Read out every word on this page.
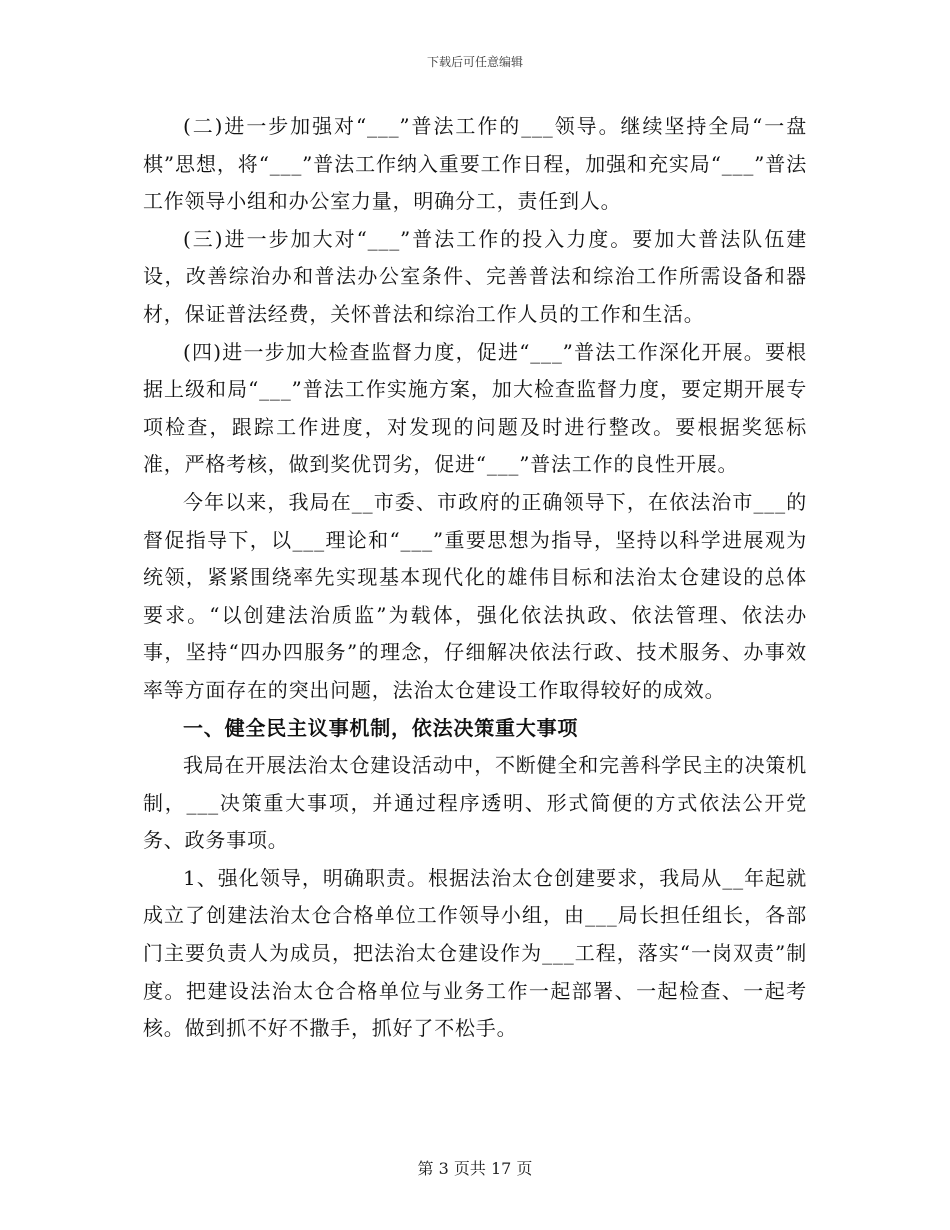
下载后可任意编辑

(二)进一步加强对“___”普法工作的___领导。继续坚持全局“一盘棋”思想，将“___”普法工作纳入重要工作日程，加强和充实局“___”普法工作领导小组和办公室力量，明确分工，责任到人。

(三)进一步加大对“___”普法工作的投入力度。要加大普法队伍建设，改善综治办和普法办公室条件、完善普法和综治工作所需设备和器材，保证普法经费，关怀普法和综治工作人员的工作和生活。

(四)进一步加大检查监督力度，促进“___”普法工作深化开展。要根据上级和局“___”普法工作实施方案，加大检查监督力度，要定期开展专项检查，跟踪工作进度，对发现的问题及时进行整改。要根据奖惩标准，严格考核，做到奖优罚劣，促进“___”普法工作的良性开展。

今年以来，我局在__市委、市政府的正确领导下，在依法治市___的督促指导下，以___理论和“___”重要思想为指导，坚持以科学进展观为统领，紧紧围绕率先实现基本现代化的雄伟目标和法治太仓建设的总体要求。“以创建法治质监”为载体，强化依法执政、依法管理、依法办事，坚持“四办四服务”的理念，仔细解决依法行政、技术服务、办事效率等方面存在的突出问题，法治太仓建设工作取得较好的成效。

一、健全民主议事机制，依法决策重大事项

我局在开展法治太仓建设活动中，不断健全和完善科学民主的决策机制，___决策重大事项，并通过程序透明、形式简便的方式依法公开党务、政务事项。

1、强化领导，明确职责。根据法治太仓创建要求，我局从__年起就成立了创建法治太仓合格单位工作领导小组，由___局长担任组长，各部门主要负责人为成员，把法治太仓建设作为___工程，落实“一岗双责”制度。把建设法治太仓合格单位与业务工作一起部署、一起检查、一起考核。做到抓不好不撒手，抓好了不松手。

第 3 页共 17 页
